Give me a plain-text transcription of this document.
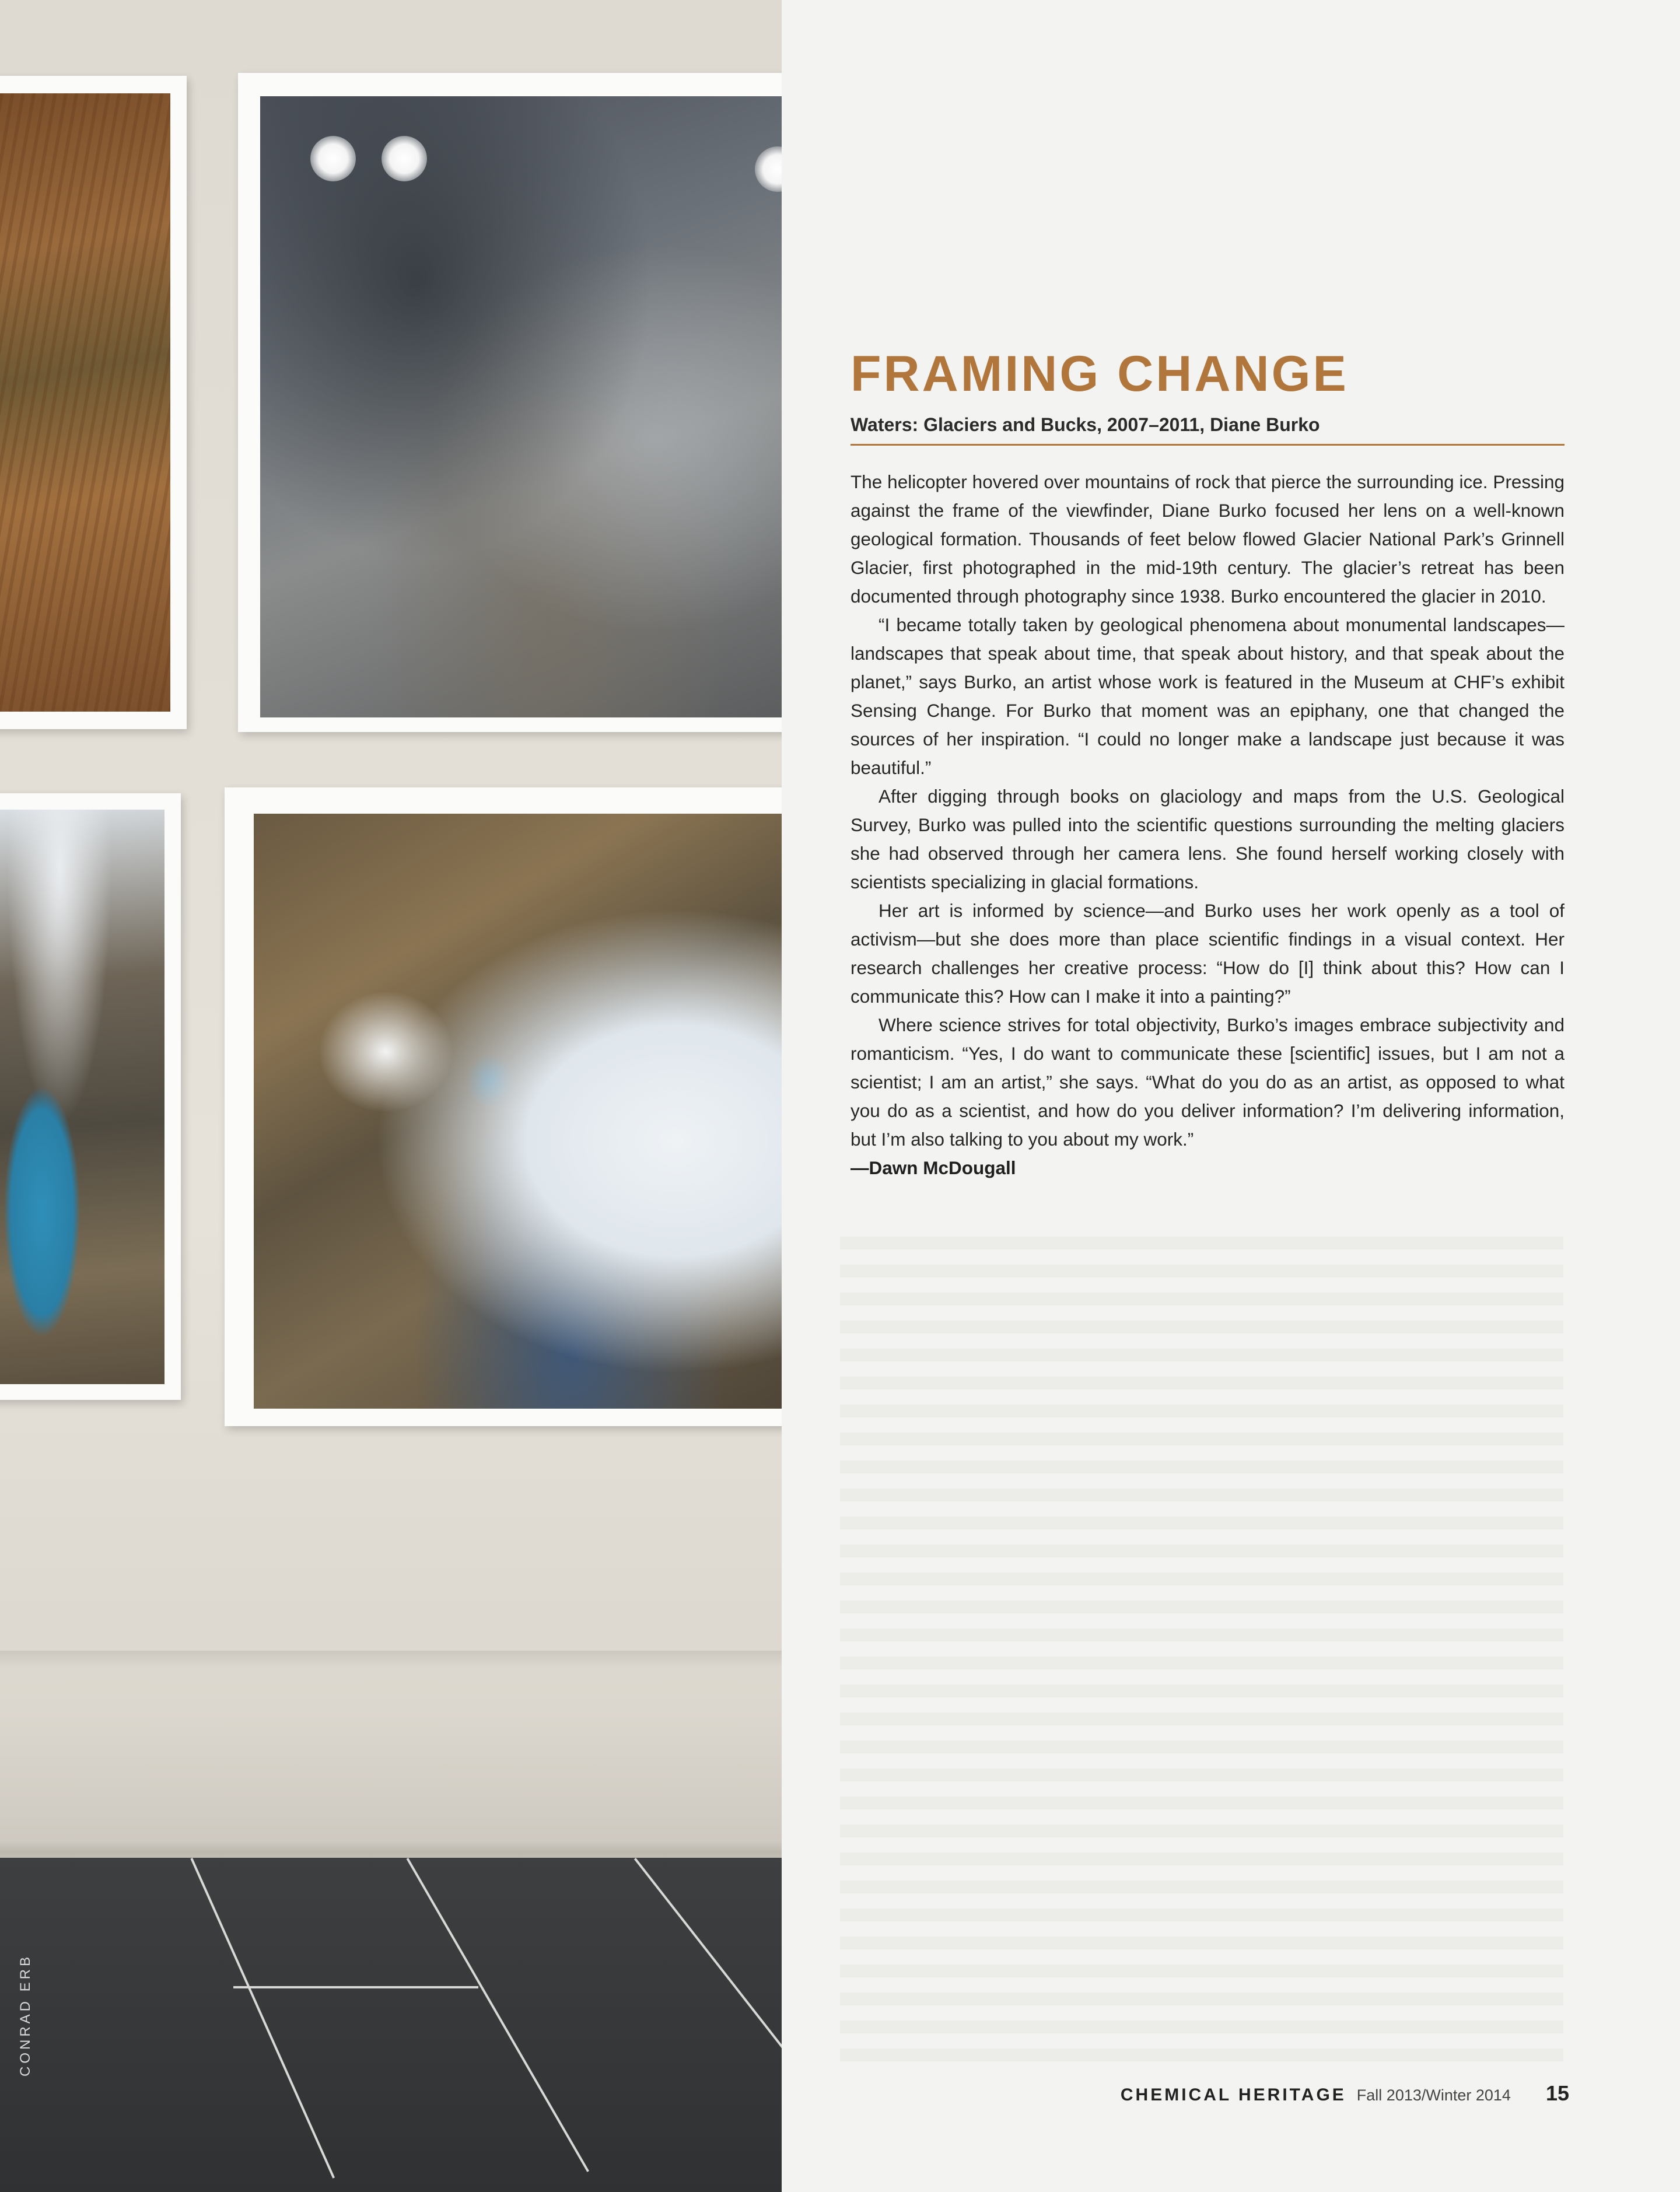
CONRAD ERB
FRAMING CHANGE
Waters: Glaciers and Bucks, 2007–2011, Diane Burko

The helicopter hovered over mountains of rock that pierce the surrounding ice. Pressing against the frame of the viewfinder, Diane Burko focused her lens on a well-known geological formation. Thousands of feet below flowed Glacier National Park’s Grinnell Glacier, first photographed in the mid-19th century. The glacier’s retreat has been documented through photography since 1938. Burko encountered the glacier in 2010.

“I became totally taken by geological phenomena about monumental landscapes—landscapes that speak about time, that speak about history, and that speak about the planet,” says Burko, an artist whose work is featured in the Museum at CHF’s exhibit Sensing Change. For Burko that moment was an epiphany, one that changed the sources of her inspiration. “I could no longer make a landscape just because it was beautiful.”

After digging through books on glaciology and maps from the U.S. Geological Survey, Burko was pulled into the scientific questions surrounding the melting glaciers she had observed through her camera lens. She found herself working closely with scientists specializing in glacial formations.

Her art is informed by science—and Burko uses her work openly as a tool of activism—but she does more than place scientific findings in a visual context. Her research challenges her creative process: “How do [I] think about this? How can I communicate this? How can I make it into a painting?”

Where science strives for total objectivity, Burko’s images embrace subjectivity and romanticism. “Yes, I do want to communicate these [scientific] issues, but I am not a scientist; I am an artist,” she says. “What do you do as an artist, as opposed to what you do as a scientist, and how do you deliver information? I’m delivering information, but I’m also talking to you about my work.”

—Dawn McDougall

CHEMICAL HERITAGE Fall 2013/Winter 2014 15
